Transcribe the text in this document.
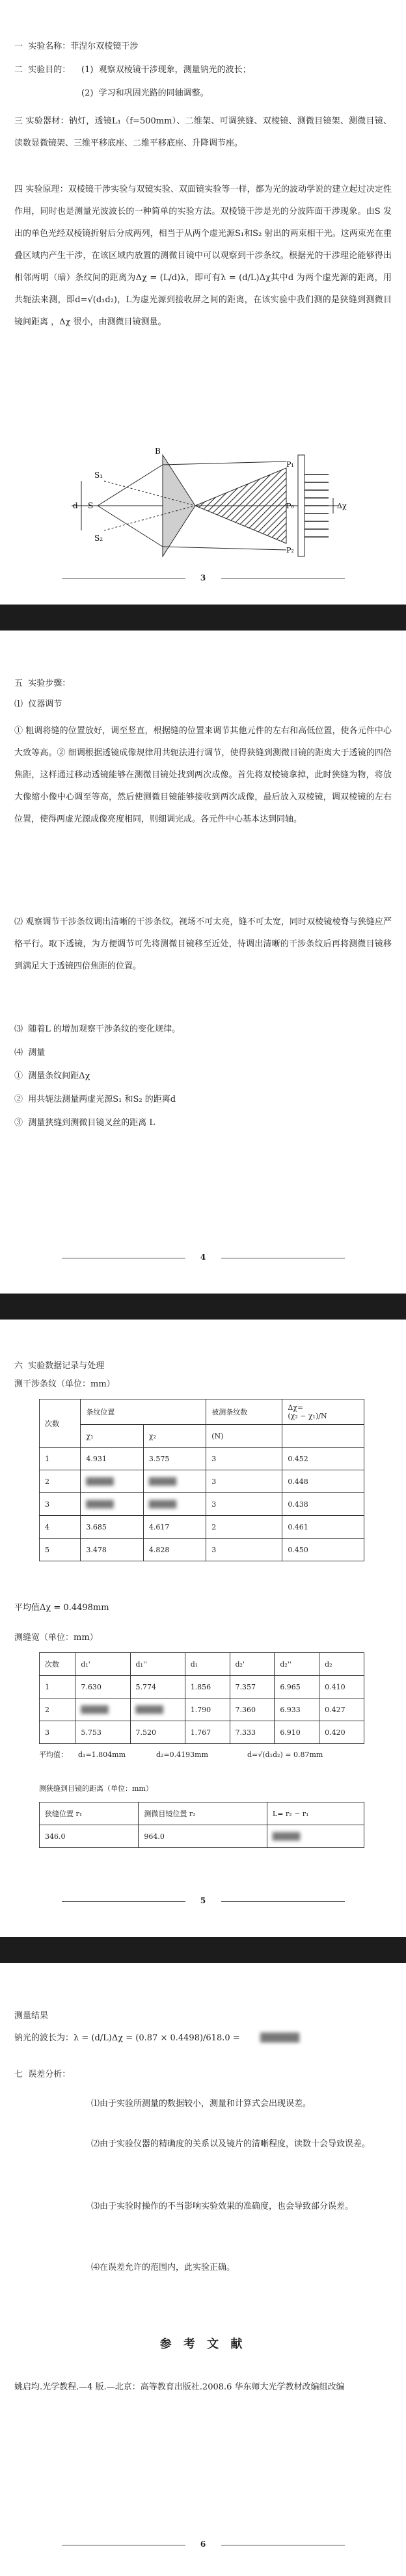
一  实验名称：菲涅尔双棱镜干涉
二  实验目的： (1)  观察双棱镜干涉现象，测量钠光的波长；
(2)  学习和巩固光路的同轴调整。
三 实验器材：钠灯，透镜L₁（f=500mm）、二维架、可调狭缝、双棱镜、测微目镜架、测微目镜、读数显微镜架、三维平移底座、二维平移底座、升降调节座。
四 实验原理：双棱镜干涉实验与双镜实验、双面镜实验等一样，都为光的波动学说的建立起过决定性作用，同时也是测量光波波长的一种简单的实验方法。双棱镜干涉是光的分波阵面干涉现象。由S 发出的单色光经双棱镜折射后分成两列，相当于从两个虚光源S₁和S₂ 射出的两束相干光。这两束光在重叠区域内产生干涉，在该区域内放置的测微目镜中可以观察到干涉条纹。根据光的干涉理论能够得出相邻两明（暗）条纹间的距离为Δχ = (L/d)λ，即可有λ = (d/L)Δχ其中d 为两个虚光源的距离，用共轭法来测，即d=√(d₁d₂)，L为虚光源到接收屏之间的距离，在该实验中我们测的是狭缝到测微目镜间距离 ，Δχ 很小，由测微目镜测量。
B
S₁
S
S₂
d
P₁
P₀
P₂
Δχ
3
五  实验步骤：
⑴  仪器调节
① 粗调将缝的位置放好，调至竖直，根据缝的位置来调节其他元件的左右和高低位置，使各元件中心大致等高。② 细调根据透镜成像规律用共轭法进行调节，使得狭缝到测微目镜的距离大于透镜的四倍焦距，这样通过移动透镜能够在测微目镜处找到两次成像。首先将双棱镜拿掉，此时狭缝为物，将放大像缩小像中心调至等高，然后使测微目镜能够接收到两次成像，最后放入双棱镜，调双棱镜的左右位置，使得两虚光源成像亮度相同，则细调完成。各元件中心基本达到同轴。
⑵ 观察调节干涉条纹调出清晰的干涉条纹。视场不可太亮，缝不可太宽，同时双棱镜棱脊与狭缝应严格平行。取下透镜，为方便调节可先将测微目镜移至近处，待调出清晰的干涉条纹后再将测微目镜移到满足大于透镜四倍焦距的位置。
⑶  随着L 的增加观察干涉条纹的变化规律。
⑷  测量
①  测量条纹间距Δχ
②  用共轭法测量两虚光源S₁ 和S₂ 的距离d
③  测量狭缝到测微目镜叉丝的距离 L
4
六  实验数据记录与处理
测干涉条纹（单位：mm）
次数	条纹位置		被测条纹数	Δχ=
(χ₂ − χ₁)/N
	χ₁	χ₂	(N)	
1	4.931	3.575	3	0.452
2	█████	█████	3	0.448
3	█████	█████	3	0.438
4	3.685	4.617	2	0.461
5	3.478	4.828	3	0.450
平均值Δχ = 0.4498mm
测缝宽（单位：mm）
次数	d₁'	d₁''	d₁	d₂'	d₂''	d₂
1	7.630	5.774	1.856	7.357	6.965	0.410
2	█████	█████	1.790	7.360	6.933	0.427
3	5.753	7.520	1.767	7.333	6.910	0.420
平均值： d₁=1.804mm	d₂=0.4193mm	d=√(d₁d₂) = 0.87mm
测狭缝到目镜的距离（单位：mm）
狭缝位置 r₁	测微目镜位置 r₂	L= r₂ − r₁
346.0	964.0	█████
5
测量结果
钠光的波长为：λ = (d/L)Δχ = (0.87 × 0.4498)/618.0 = ██████
七  误差分析：
⑴由于实验所测量的数据较小，测量和计算式会出现误差。
⑵由于实验仪器的精确度的关系以及镜片的清晰程度，读数十会导致误差。
⑶由于实验时操作的不当影响实验效果的准确度，也会导致部分误差。
⑷在误差允许的范围内，此实验正确。
参 考 文 献
姚启均.光学教程.—4 版.—北京：高等教育出版社.2008.6 华东师大光学教材改编组改编
6
